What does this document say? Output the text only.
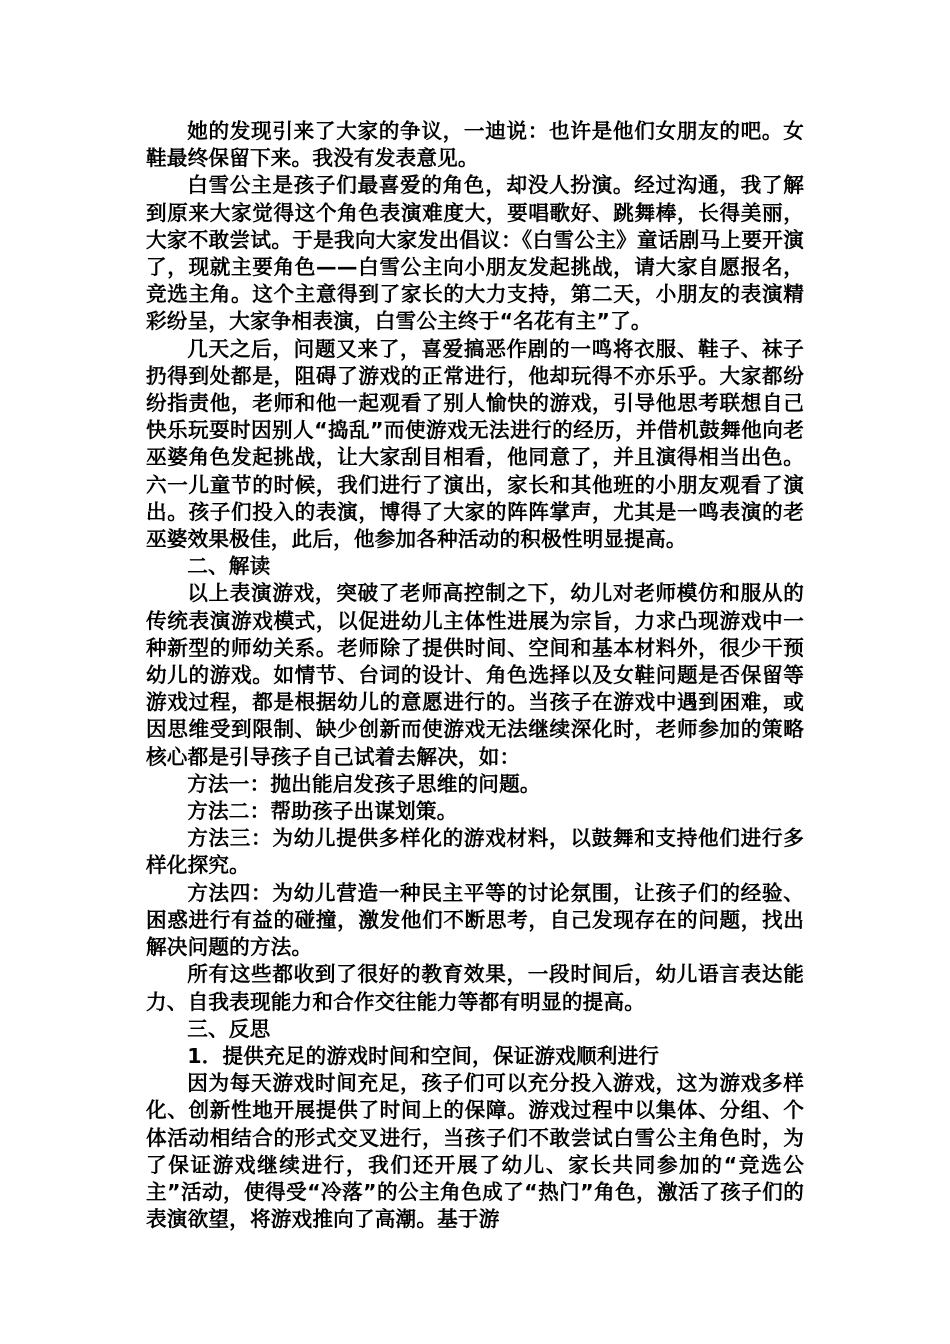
她的发现引来了大家的争议，一迪说：也许是他们女朋友的吧。女鞋最终保留下来。我没有发表意见。

白雪公主是孩子们最喜爱的角色，却没人扮演。经过沟通，我了解到原来大家觉得这个角色表演难度大，要唱歌好、跳舞棒，长得美丽，大家不敢尝试。于是我向大家发出倡议：《白雪公主》童话剧马上要开演了，现就主要角色——白雪公主向小朋友发起挑战，请大家自愿报名，竞选主角。这个主意得到了家长的大力支持，第二天，小朋友的表演精彩纷呈，大家争相表演，白雪公主终于“名花有主”了。

几天之后，问题又来了，喜爱搞恶作剧的一鸣将衣服、鞋子、袜子扔得到处都是，阻碍了游戏的正常进行，他却玩得不亦乐乎。大家都纷纷指责他，老师和他一起观看了别人愉快的游戏，引导他思考联想自己快乐玩耍时因别人“捣乱”而使游戏无法进行的经历，并借机鼓舞他向老巫婆角色发起挑战，让大家刮目相看，他同意了，并且演得相当出色。六一儿童节的时候，我们进行了演出，家长和其他班的小朋友观看了演出。孩子们投入的表演，博得了大家的阵阵掌声，尤其是一鸣表演的老巫婆效果极佳，此后，他参加各种活动的积极性明显提高。

二、解读

以上表演游戏，突破了老师高控制之下，幼儿对老师模仿和服从的传统表演游戏模式，以促进幼儿主体性进展为宗旨，力求凸现游戏中一种新型的师幼关系。老师除了提供时间、空间和基本材料外，很少干预幼儿的游戏。如情节、台词的设计、角色选择以及女鞋问题是否保留等游戏过程，都是根据幼儿的意愿进行的。当孩子在游戏中遇到困难，或因思维受到限制、缺少创新而使游戏无法继续深化时，老师参加的策略核心都是引导孩子自己试着去解决，如：

方法一：抛出能启发孩子思维的问题。

方法二：帮助孩子出谋划策。

方法三：为幼儿提供多样化的游戏材料，以鼓舞和支持他们进行多样化探究。

方法四：为幼儿营造一种民主平等的讨论氛围，让孩子们的经验、困惑进行有益的碰撞，激发他们不断思考，自己发现存在的问题，找出解决问题的方法。

所有这些都收到了很好的教育效果，一段时间后，幼儿语言表达能力、自我表现能力和合作交往能力等都有明显的提高。

三、反思

1．提供充足的游戏时间和空间，保证游戏顺利进行

因为每天游戏时间充足，孩子们可以充分投入游戏，这为游戏多样化、创新性地开展提供了时间上的保障。游戏过程中以集体、分组、个体活动相结合的形式交叉进行，当孩子们不敢尝试白雪公主角色时，为了保证游戏继续进行，我们还开展了幼儿、家长共同参加的“竞选公主”活动，使得受“冷落”的公主角色成了“热门”角色，激活了孩子们的表演欲望，将游戏推向了高潮。基于游
